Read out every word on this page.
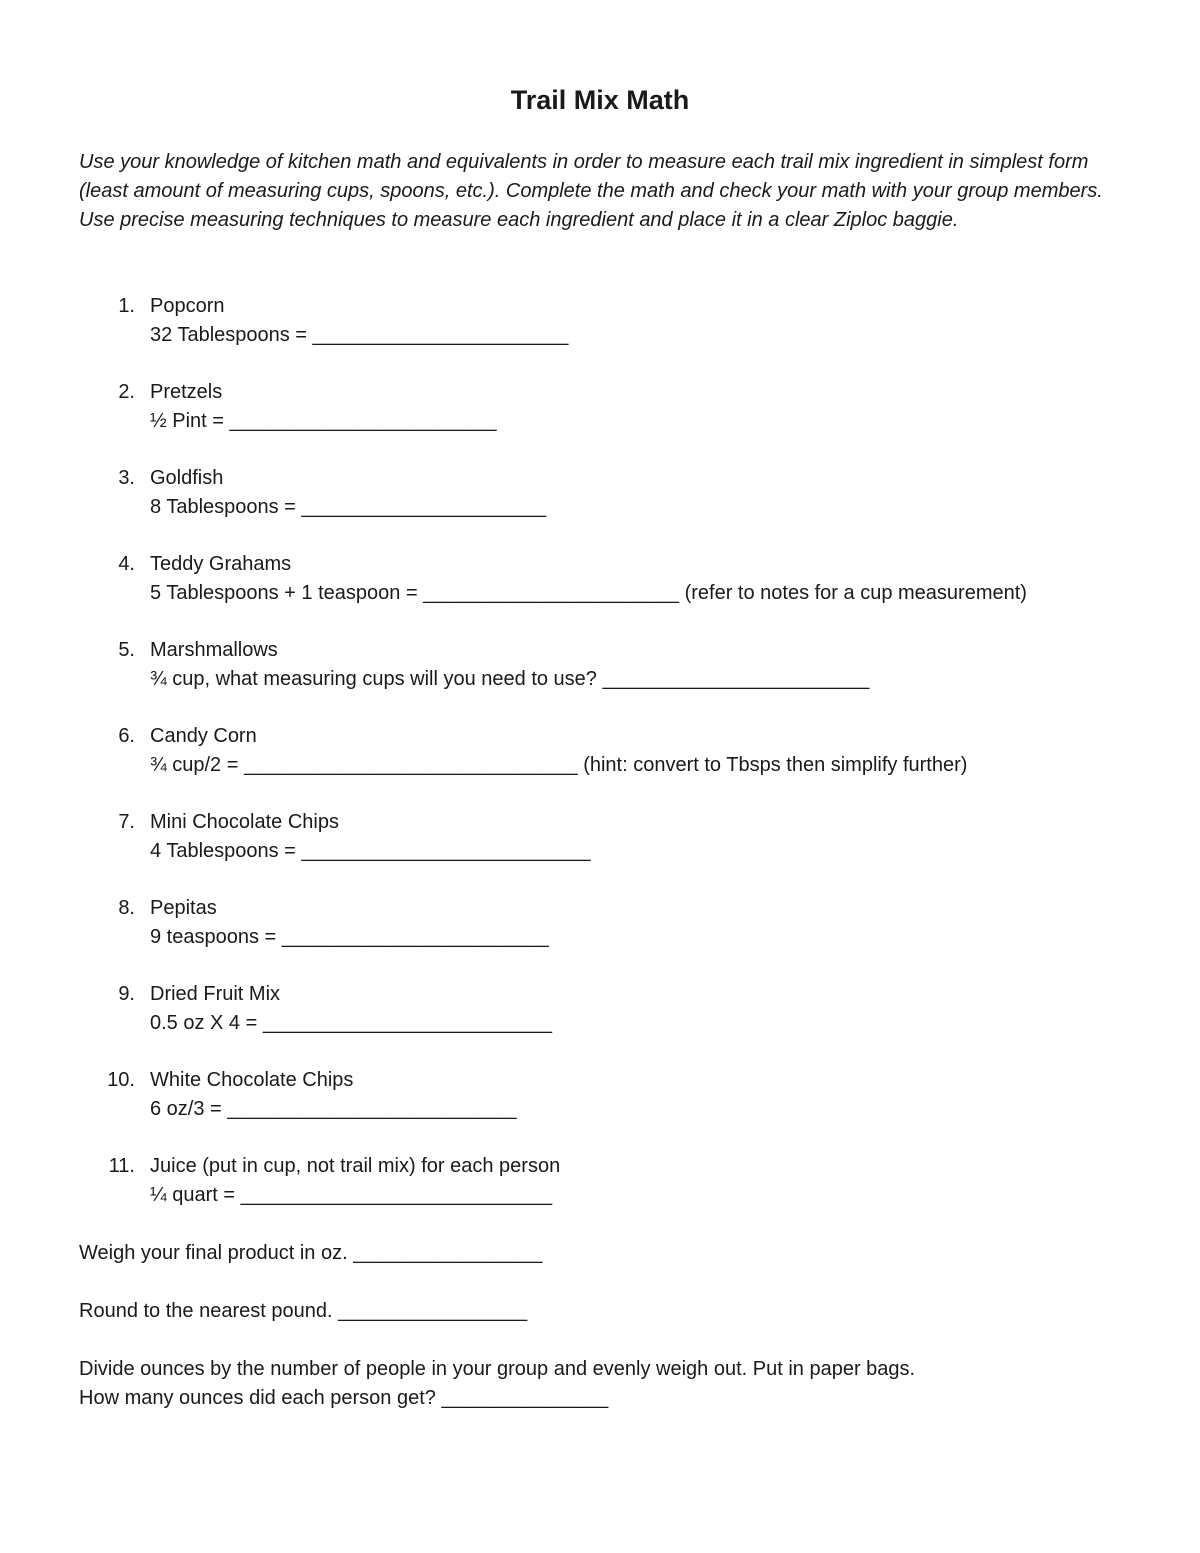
Trail Mix Math
Use your knowledge of kitchen math and equivalents in order to measure each trail mix ingredient in simplest form (least amount of measuring cups, spoons, etc.). Complete the math and check your math with your group members. Use precise measuring techniques to measure each ingredient and place it in a clear Ziploc baggie.
1. Popcorn
32 Tablespoons = _______________________
2. Pretzels
½ Pint = ________________________
3. Goldfish
8 Tablespoons = ______________________
4. Teddy Grahams
5 Tablespoons + 1 teaspoon = _______________________ (refer to notes for a cup measurement)
5. Marshmallows
¾ cup, what measuring cups will you need to use? ________________________
6. Candy Corn
¾ cup/2 = ______________________________ (hint: convert to Tbsps then simplify further)
7. Mini Chocolate Chips
4 Tablespoons = __________________________
8. Pepitas
9 teaspoons = ________________________
9. Dried Fruit Mix
0.5 oz X 4 = __________________________
10. White Chocolate Chips
6 oz/3 = __________________________
11. Juice (put in cup, not trail mix) for each person
¼ quart = ____________________________
Weigh your final product in oz. _________________
Round to the nearest pound. _________________
Divide ounces by the number of people in your group and evenly weigh out. Put in paper bags.
How many ounces did each person get? _______________
